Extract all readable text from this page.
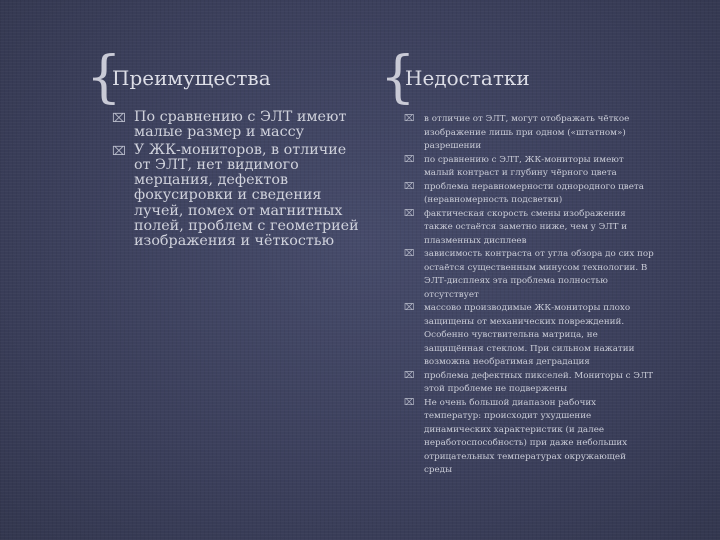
{
Преимущества
⌧ По сравнению с ЭЛТ имеют малые размер и массу
⌧ У ЖК-мониторов, в отличие от ЭЛТ, нет видимого мерцания, дефектов фокусировки и сведения лучей, помех от магнитных полей, проблем с геометрией изображения и чёткостью
{
Недостатки
⌧ в отличие от ЭЛТ, могут отображать чёткое изображение лишь при одном («штатном») разрешении
⌧ по сравнению с ЭЛТ, ЖК-мониторы имеют малый контраст и глубину чёрного цвета
⌧ проблема неравномерности однородного цвета (неравномерность подсветки)
⌧ фактическая скорость смены изображения также остаётся заметно ниже, чем у ЭЛТ и плазменных дисплеев
⌧ зависимость контраста от угла обзора до сих пор остаётся существенным минусом технологии. В ЭЛТ-дисплеях эта проблема полностью отсутствует
⌧ массово производимые ЖК-мониторы плохо защищены от механических повреждений. Особенно чувствительна матрица, не защищённая стеклом. При сильном нажатии возможна необратимая деградация
⌧ проблема дефектных пикселей. Мониторы с ЭЛТ этой проблеме не подвержены
⌧ Не очень большой диапазон рабочих температур: происходит ухудшение динамических характеристик (и далее неработоспособность) при даже небольших отрицательных температурах окружающей среды
